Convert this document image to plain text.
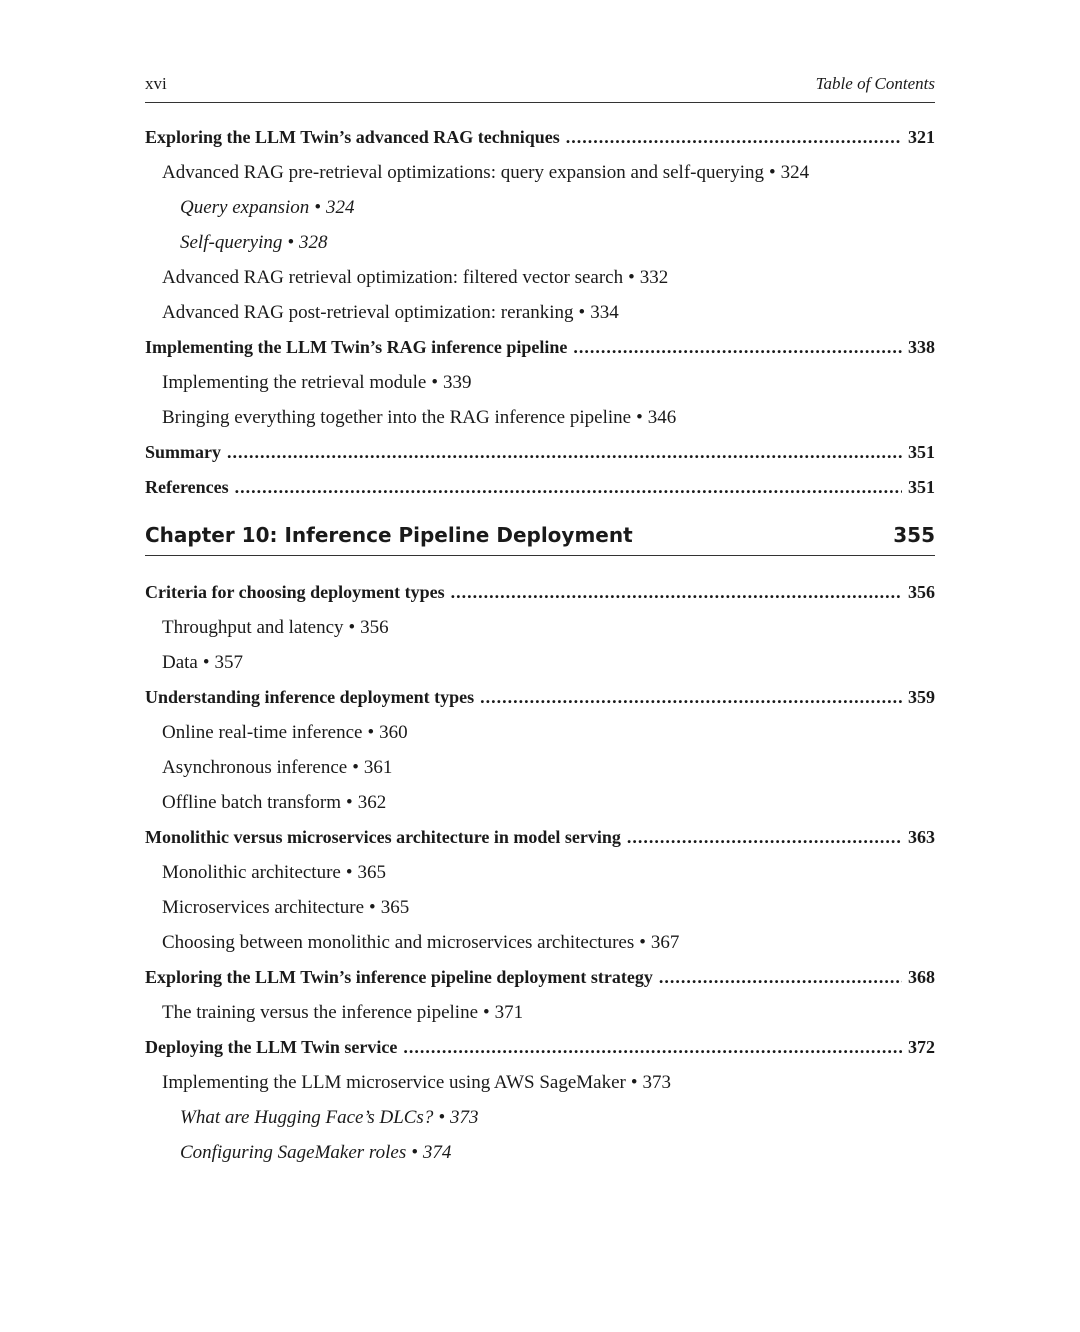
xvi	Table of Contents
Exploring the LLM Twin’s advanced RAG techniques .....	321
Advanced RAG pre-retrieval optimizations: query expansion and self-querying • 324
Query expansion • 324
Self-querying • 328
Advanced RAG retrieval optimization: filtered vector search • 332
Advanced RAG post-retrieval optimization: reranking • 334
Implementing the LLM Twin’s RAG inference pipeline .....	338
Implementing the retrieval module • 339
Bringing everything together into the RAG inference pipeline • 346
Summary .....	351
References .....	351
Chapter 10: Inference Pipeline Deployment	355
Criteria for choosing deployment types .....	356
Throughput and latency • 356
Data • 357
Understanding inference deployment types .....	359
Online real-time inference • 360
Asynchronous inference • 361
Offline batch transform • 362
Monolithic versus microservices architecture in model serving .....	363
Monolithic architecture • 365
Microservices architecture • 365
Choosing between monolithic and microservices architectures • 367
Exploring the LLM Twin’s inference pipeline deployment strategy .....	368
The training versus the inference pipeline • 371
Deploying the LLM Twin service .....	372
Implementing the LLM microservice using AWS SageMaker • 373
What are Hugging Face’s DLCs? • 373
Configuring SageMaker roles • 374
